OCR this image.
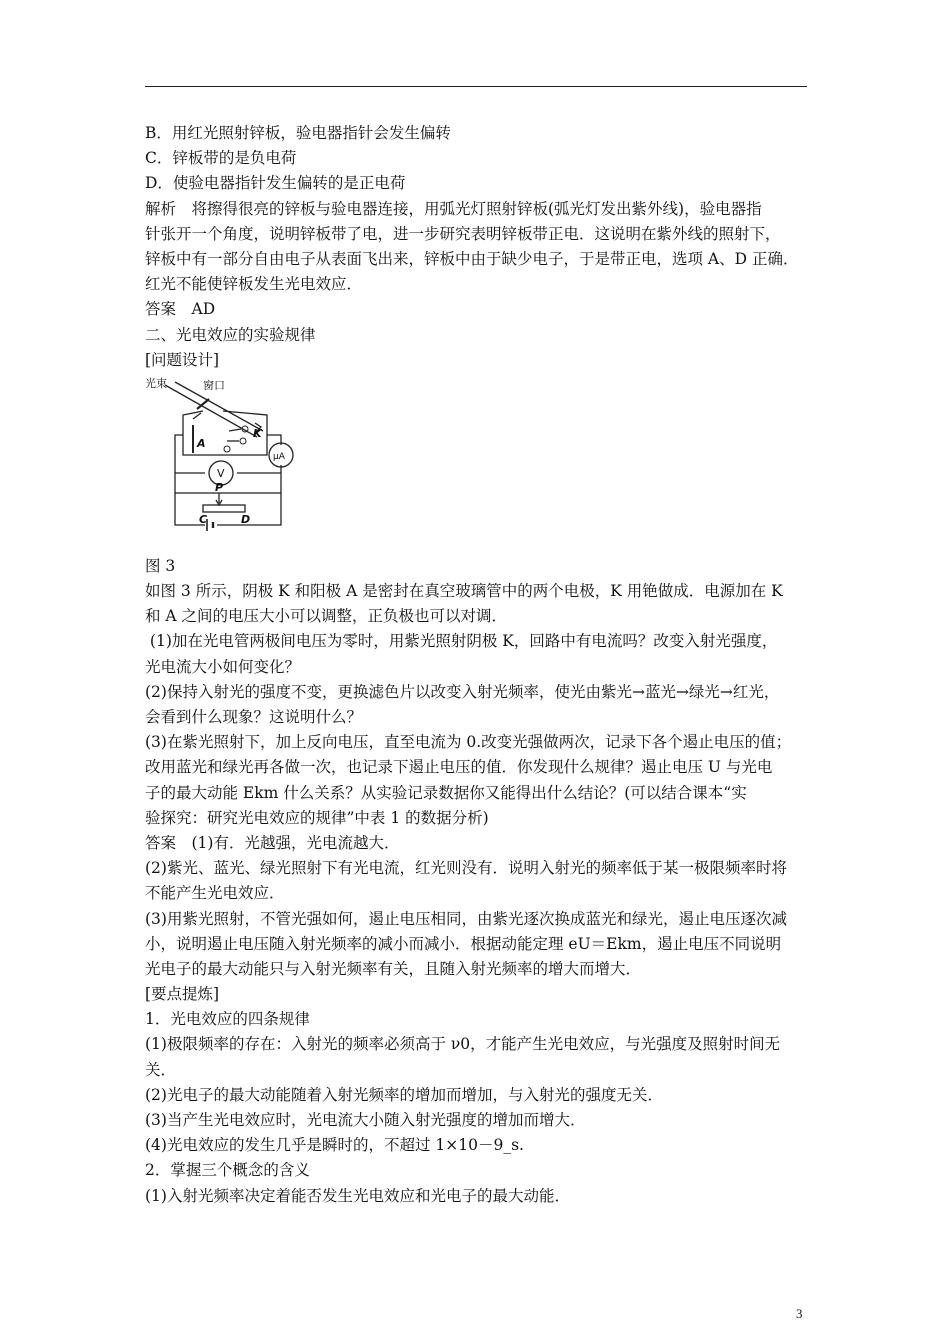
B．用红光照射锌板，验电器指针会发生偏转
C．锌板带的是负电荷
D．使验电器指针发生偏转的是正电荷
解析　将擦得很亮的锌板与验电器连接，用弧光灯照射锌板(弧光灯发出紫外线)，验电器指
针张开一个角度，说明锌板带了电，进一步研究表明锌板带正电．这说明在紫外线的照射下，
锌板中有一部分自由电子从表面飞出来，锌板中由于缺少电子，于是带正电，选项 A、D 正确．
红光不能使锌板发生光电效应．
答案　AD
二、光电效应的实验规律
[问题设计]
光束	窗口
A
K
μA
V
P
C	D
图 3
如图 3 所示，阴极 K 和阳极 A 是密封在真空玻璃管中的两个电极，K 用铯做成．电源加在 K
和 A 之间的电压大小可以调整，正负极也可以对调．
(1)加在光电管两极间电压为零时，用紫光照射阴极 K，回路中有电流吗？改变入射光强度，
光电流大小如何变化？
(2)保持入射光的强度不变，更换滤色片以改变入射光频率，使光由紫光→蓝光→绿光→红光，
会看到什么现象？这说明什么？
(3)在紫光照射下，加上反向电压，直至电流为 0.改变光强做两次，记录下各个遏止电压的值；
改用蓝光和绿光再各做一次，也记录下遏止电压的值．你发现什么规律？遏止电压 U 与光电
子的最大动能 Ekm 什么关系？从实验记录数据你又能得出什么结论？(可以结合课本“实
验探究：研究光电效应的规律”中表 1 的数据分析)
答案　(1)有．光越强，光电流越大．
(2)紫光、蓝光、绿光照射下有光电流，红光则没有．说明入射光的频率低于某一极限频率时将
不能产生光电效应．
(3)用紫光照射，不管光强如何，遏止电压相同，由紫光逐次换成蓝光和绿光，遏止电压逐次减
小，说明遏止电压随入射光频率的减小而减小．根据动能定理 eU＝Ekm，遏止电压不同说明
光电子的最大动能只与入射光频率有关，且随入射光频率的增大而增大．
[要点提炼]
1．光电效应的四条规律
(1)极限频率的存在：入射光的频率必须高于 ν0，才能产生光电效应，与光强度及照射时间无
关．
(2)光电子的最大动能随着入射光频率的增加而增加，与入射光的强度无关．
(3)当产生光电效应时，光电流大小随入射光强度的增加而增大．
(4)光电效应的发生几乎是瞬时的，不超过 1×10－9_s.
2．掌握三个概念的含义
(1)入射光频率决定着能否发生光电效应和光电子的最大动能．
3
